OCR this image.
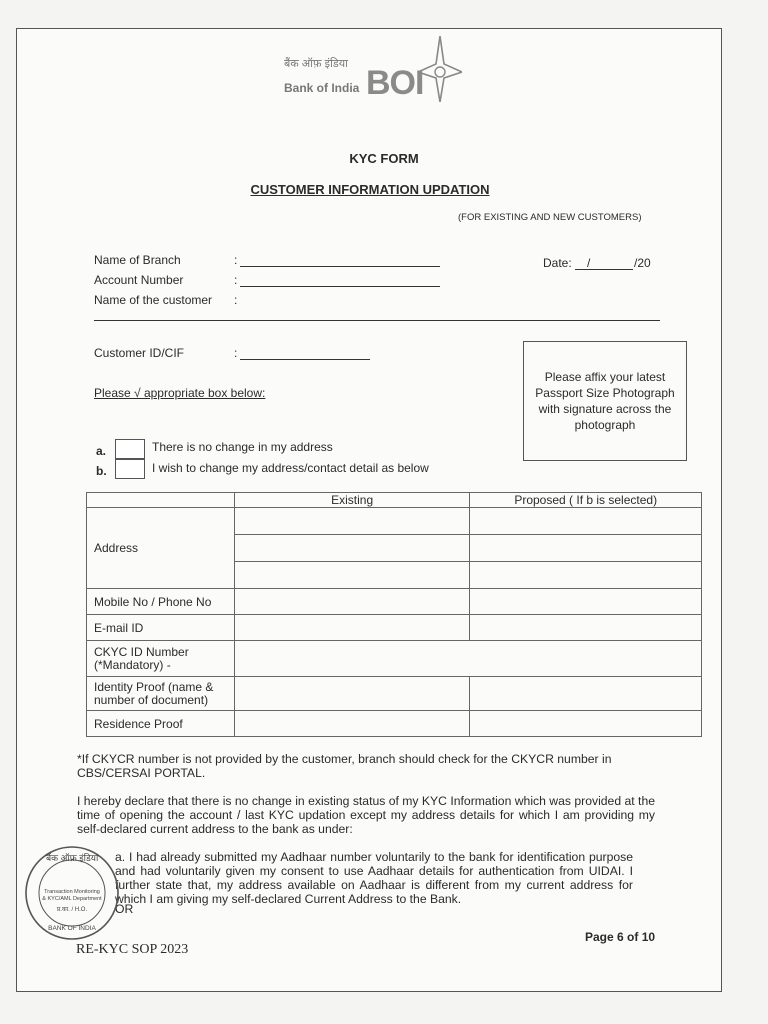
बैंक ऑफ़ इंडिया
Bank of India BOI
KYC FORM
CUSTOMER INFORMATION UPDATION
(FOR EXISTING AND NEW CUSTOMERS)
Name of Branch	:
Account Number	:
Name of the customer :
Date: /	/20
Customer ID/CIF	:
Please affix your latest Passport Size Photograph with signature across the photograph
Please √ appropriate box below:
a.	There is no change in my address
b.	I wish to change my address/contact detail as below
	Existing	Proposed ( If b is selected)
Address		

Mobile No / Phone No		
E-mail ID		

CKYC ID Number
(*Mandatory) -		

Identity Proof (name &
number of document)		

Residence Proof		
*If CKYCR number is not provided by the customer, branch should check for the CKYCR number in CBS/CERSAI PORTAL.
I hereby declare that there is no change in existing status of my KYC Information which was provided at the time of opening the account / last KYC updation except my address details for which I am providing my self-declared current address to the bank as under:
a. I had already submitted my Aadhaar number voluntarily to the bank for identification purpose and had voluntarily given my consent to use Aadhaar details for authentication from UIDAI. I further state that, my address available on Aadhaar is different from my current address for which I am giving my self-declared Current Address to the Bank.
OR
बैंक ऑफ़ इंडिया
Transaction Monitoring
& KYC/AML Department
प्र.का. / H.O.
BANK OF INDIA
RE-KYC SOP 2023
Page 6 of 10
